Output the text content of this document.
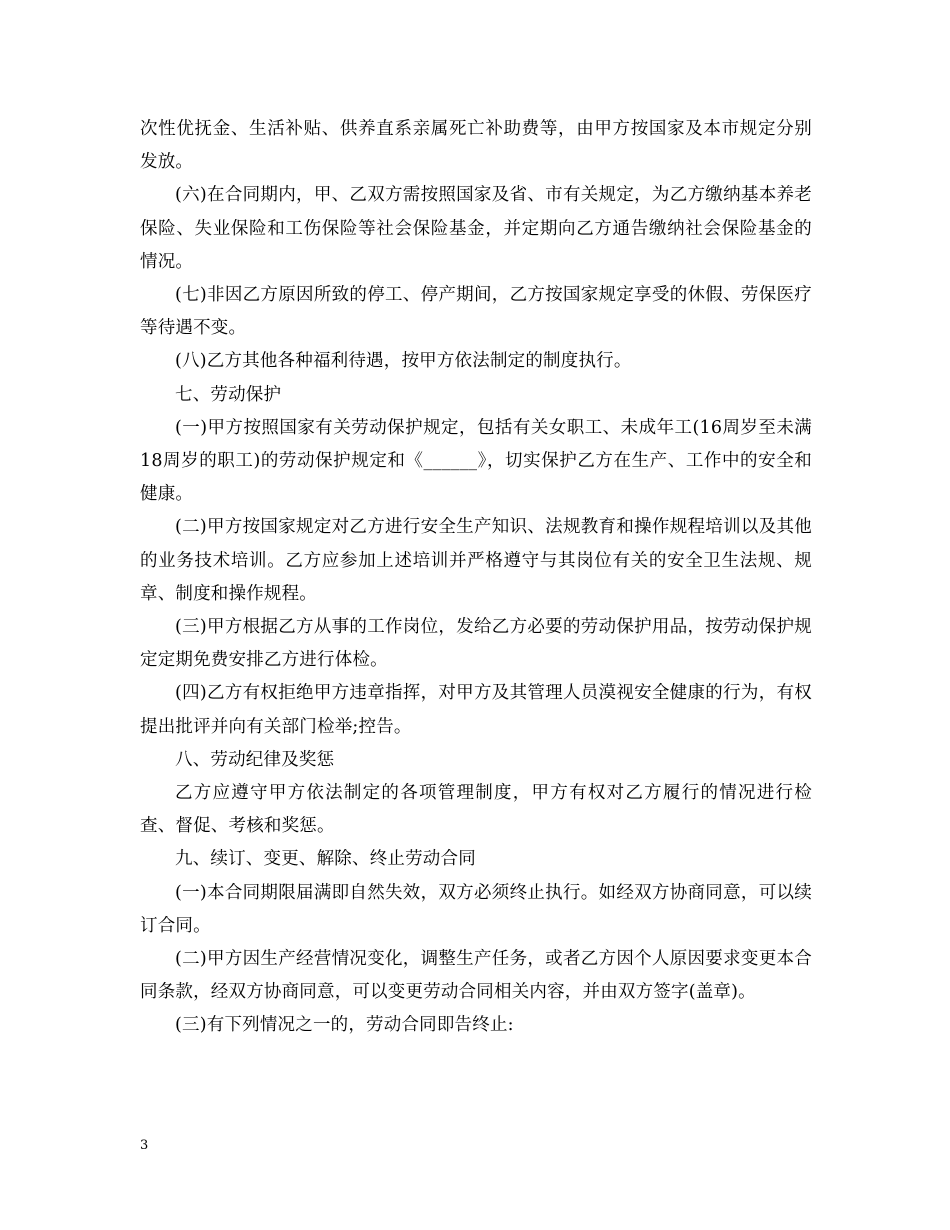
次性优抚金、生活补贴、供养直系亲属死亡补助费等，由甲方按国家及本市规定分别发放。

(六)在合同期内，甲、乙双方需按照国家及省、市有关规定，为乙方缴纳基本养老保险、失业保险和工伤保险等社会保险基金，并定期向乙方通告缴纳社会保险基金的情况。

(七)非因乙方原因所致的停工、停产期间，乙方按国家规定享受的休假、劳保医疗等待遇不变。

(八)乙方其他各种福利待遇，按甲方依法制定的制度执行。

七、劳动保护

(一)甲方按照国家有关劳动保护规定，包括有关女职工、未成年工(16周岁至未满18周岁的职工)的劳动保护规定和《______》，切实保护乙方在生产、工作中的安全和健康。

(二)甲方按国家规定对乙方进行安全生产知识、法规教育和操作规程培训以及其他的业务技术培训。乙方应参加上述培训并严格遵守与其岗位有关的安全卫生法规、规章、制度和操作规程。

(三)甲方根据乙方从事的工作岗位，发给乙方必要的劳动保护用品，按劳动保护规定定期免费安排乙方进行体检。

(四)乙方有权拒绝甲方违章指挥，对甲方及其管理人员漠视安全健康的行为，有权提出批评并向有关部门检举;控告。

八、劳动纪律及奖惩

乙方应遵守甲方依法制定的各项管理制度，甲方有权对乙方履行的情况进行检查、督促、考核和奖惩。

九、续订、变更、解除、终止劳动合同

(一)本合同期限届满即自然失效，双方必须终止执行。如经双方协商同意，可以续订合同。

(二)甲方因生产经营情况变化，调整生产任务，或者乙方因个人原因要求变更本合同条款，经双方协商同意，可以变更劳动合同相关内容，并由双方签字(盖章)。

(三)有下列情况之一的，劳动合同即告终止:

3
